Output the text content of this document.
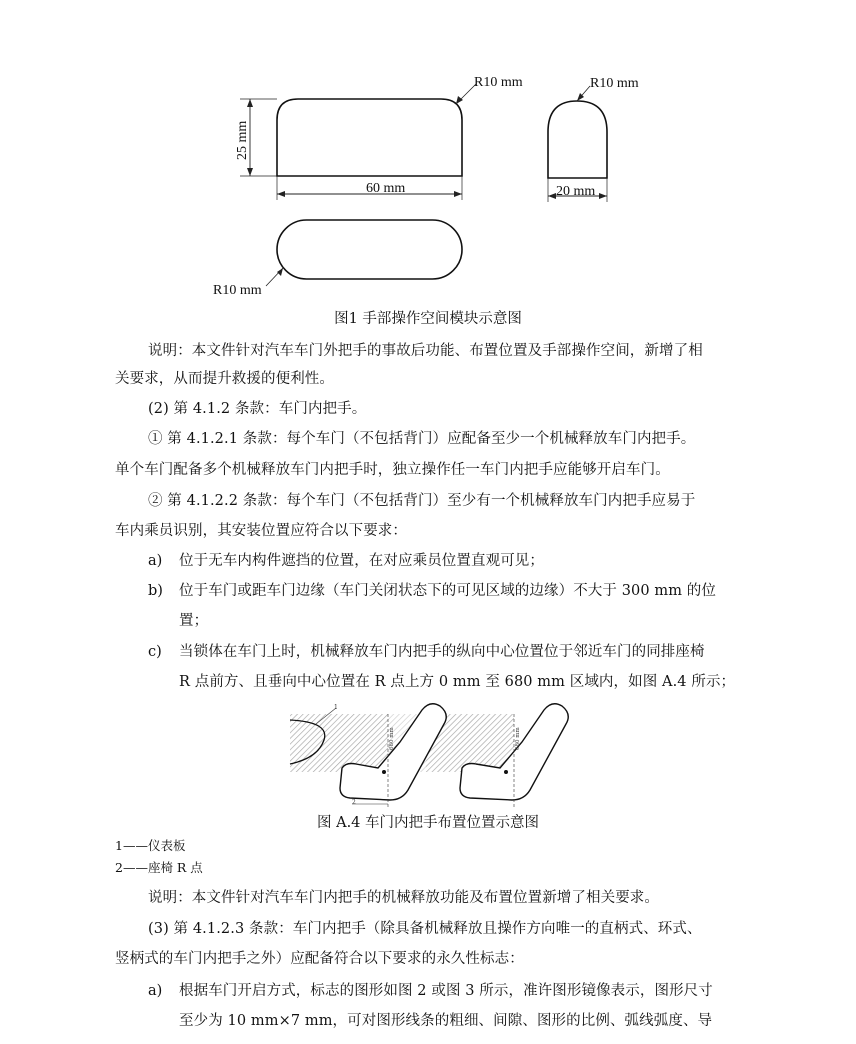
R10 mm	R10 mm
60 mm	20 mm
R10 mm
25 mm
图1 手部操作空间模块示意图
说明：本文件针对汽车车门外把手的事故后功能、布置位置及手部操作空间，新增了相
关要求，从而提升救援的便利性。
(2) 第 4.1.2 条款：车门内把手。
① 第 4.1.2.1 条款：每个车门（不包括背门）应配备至少一个机械释放车门内把手。
单个车门配备多个机械释放车门内把手时，独立操作任一车门内把手应能够开启车门。
② 第 4.1.2.2 条款：每个车门（不包括背门）至少有一个机械释放车门内把手应易于
车内乘员识别，其安装位置应符合以下要求：
a) 位于无车内构件遮挡的位置，在对应乘员位置直观可见；
b) 位于车门或距车门边缘（车门关闭状态下的可见区域的边缘）不大于 300 mm 的位
置；
c) 当锁体在车门上时，机械释放车门内把手的纵向中心位置位于邻近车门的同排座椅
R 点前方、且垂向中心位置在 R 点上方 0 mm 至 680 mm 区域内，如图 A.4 所示；
1
2
680 mm	680 mm
图 A.4 车门内把手布置位置示意图
1——仪表板
2——座椅 R 点
说明：本文件针对汽车车门内把手的机械释放功能及布置位置新增了相关要求。
(3) 第 4.1.2.3 条款：车门内把手（除具备机械释放且操作方向唯一的直柄式、环式、
竖柄式的车门内把手之外）应配备符合以下要求的永久性标志：
a) 根据车门开启方式，标志的图形如图 2 或图 3 所示，准许图形镜像表示，图形尺寸
至少为 10 mm×7 mm，可对图形线条的粗细、间隙、图形的比例、弧线弧度、导
